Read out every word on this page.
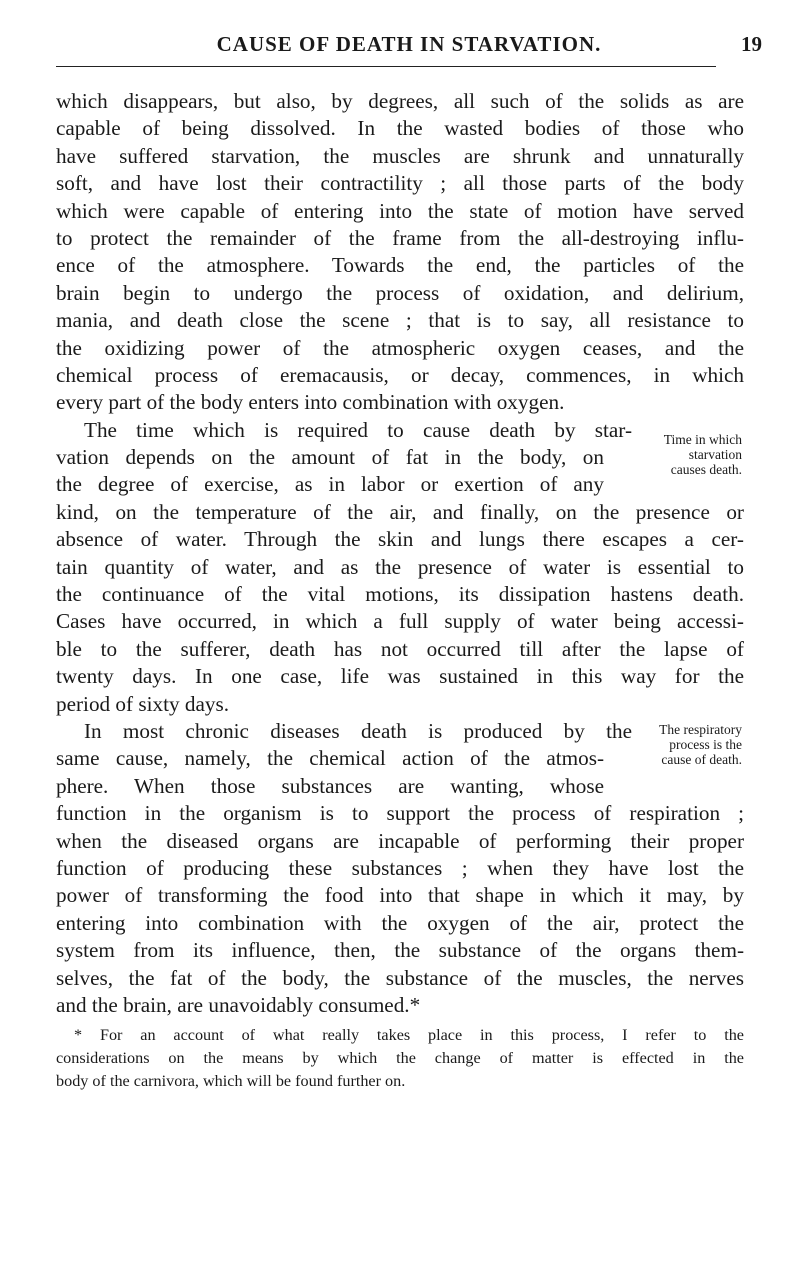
CAUSE OF DEATH IN STARVATION.	19
which disappears, but also, by degrees, all such of the solids as are
capable of being dissolved. In the wasted bodies of those who
have suffered starvation, the muscles are shrunk and unnaturally
soft, and have lost their contractility ; all those parts of the body
which were capable of entering into the state of motion have served
to protect the remainder of the frame from the all-destroying influ-
ence of the atmosphere. Towards the end, the particles of the
brain begin to undergo the process of oxidation, and delirium,
mania, and death close the scene ; that is to say, all resistance to
the oxidizing power of the atmospheric oxygen ceases, and the
chemical process of eremacausis, or decay, commences, in which
every part of the body enters into combination with oxygen.
The time which is required to cause death by star-
vation depends on the amount of fat in the body, on
the degree of exercise, as in labor or exertion of any
kind, on the temperature of the air, and finally, on the presence or
absence of water. Through the skin and lungs there escapes a cer-
tain quantity of water, and as the presence of water is essential to
the continuance of the vital motions, its dissipation hastens death.
Cases have occurred, in which a full supply of water being accessi-
ble to the sufferer, death has not occurred till after the lapse of
twenty days. In one case, life was sustained in this way for the
period of sixty days.
In most chronic diseases death is produced by the
same cause, namely, the chemical action of the atmos-
phere. When those substances are wanting, whose
function in the organism is to support the process of respiration ;
when the diseased organs are incapable of performing their proper
function of producing these substances ; when they have lost the
power of transforming the food into that shape in which it may, by
entering into combination with the oxygen of the air, protect the
system from its influence, then, the substance of the organs them-
selves, the fat of the body, the substance of the muscles, the nerves
and the brain, are unavoidably consumed.*
Time in which
starvation
causes death.
The respiratory
process is the
cause of death.
* For an account of what really takes place in this process, I refer to the
considerations on the means by which the change of matter is effected in the
body of the carnivora, which will be found further on.
